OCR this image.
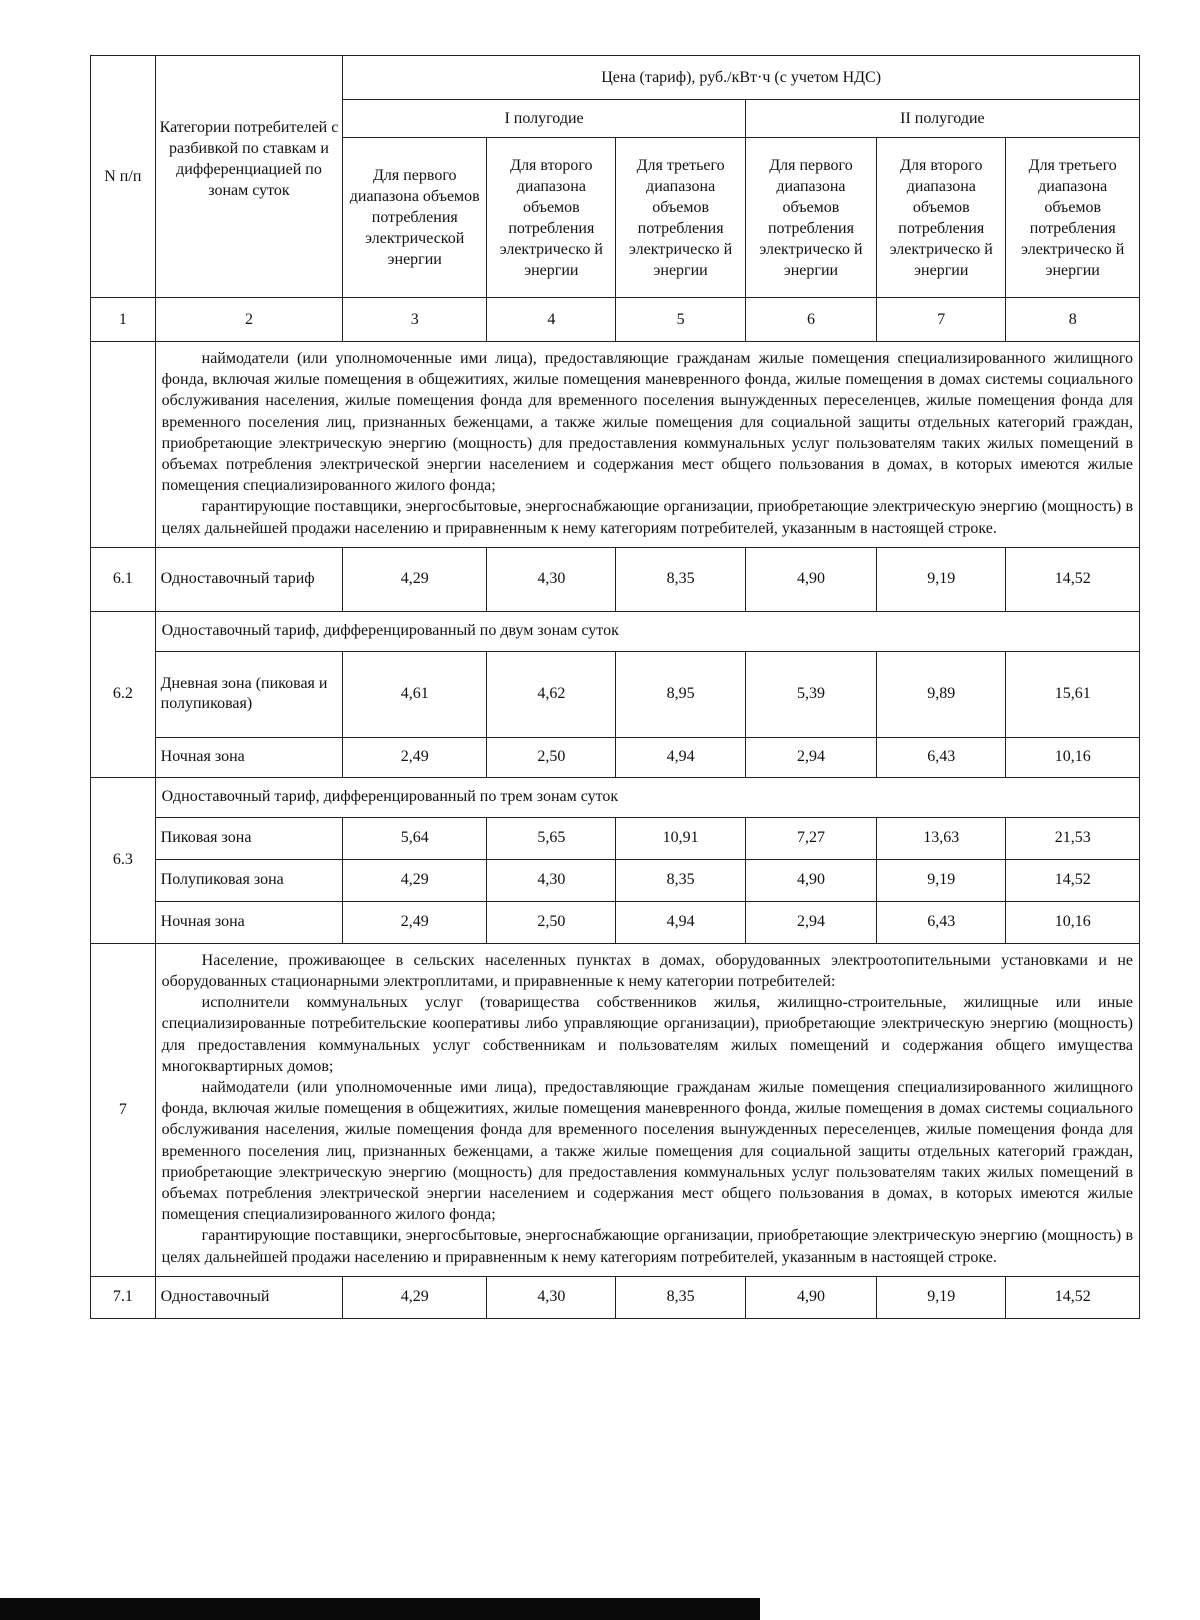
N п/п	Категории потребителей с разбивкой по ставкам и дифференциацией по зонам суток	Цена (тариф), руб./кВт·ч (с учетом НДС)					
		I полугодие			II полугодие		
		Для первого диапазона объемов потребления электрической энергии	Для второго диапазона объемов потребления электрическо й энергии	Для третьего диапазона объемов потребления электрическо й энергии	Для первого диапазона объемов потребления электрическо й энергии	Для второго диапазона объемов потребления электрическо й энергии	Для третьего диапазона объемов потребления электрическо й энергии
1	2	3	4	5	6	7	8

	наймодатели (или уполномоченные ими лица), предоставляющие гражданам жилые помещения специализированного жилищного фонда, включая жилые помещения в общежитиях, жилые помещения маневренного фонда, жилые помещения в домах системы социального обслуживания населения, жилые помещения фонда для временного поселения вынужденных переселенцев, жилые помещения фонда для временного поселения лиц, признанных беженцами, а также жилые помещения для социальной защиты отдельных категорий граждан, приобретающие электрическую энергию (мощность) для предоставления коммунальных услуг пользователям таких жилых помещений в объемах потребления электрической энергии населением и содержания мест общего пользования в домах, в которых имеются жилые помещения специализированного жилого фонда;

гарантирующие поставщики, энергосбытовые, энергоснабжающие организации, приобретающие электрическую энергию (мощность) в целях дальнейшей продажи населению и приравненным к нему категориям потребителей, указанным в настоящей строке.						

6.1	Одноставочный тариф	4,29	4,30	8,35	4,90	9,19	14,52
6.2	Одноставочный тариф, дифференцированный по двум зонам суток						
	Дневная зона (пиковая и полупиковая)	4,61	4,62	8,95	5,39	9,89	15,61
	Ночная зона	2,49	2,50	4,94	2,94	6,43	10,16
6.3	Одноставочный тариф, дифференцированный по трем зонам суток						
	Пиковая зона	5,64	5,65	10,91	7,27	13,63	21,53
	Полупиковая зона	4,29	4,30	8,35	4,90	9,19	14,52
	Ночная зона	2,49	2,50	4,94	2,94	6,43	10,16
7	Население, проживающее в сельских населенных пунктах в домах, оборудованных электроотопительными установками и не оборудованных стационарными электроплитами, и приравненные к нему категории потребителей:

исполнители коммунальных услуг (товарищества собственников жилья, жилищно-строительные, жилищные или иные специализированные потребительские кооперативы либо управляющие организации), приобретающие электрическую энергию (мощность) для предоставления коммунальных услуг собственникам и пользователям жилых помещений и содержания общего имущества многоквартирных домов;

наймодатели (или уполномоченные ими лица), предоставляющие гражданам жилые помещения специализированного жилищного фонда, включая жилые помещения в общежитиях, жилые помещения маневренного фонда, жилые помещения в домах системы социального обслуживания населения, жилые помещения фонда для временного поселения вынужденных переселенцев, жилые помещения фонда для временного поселения лиц, признанных беженцами, а также жилые помещения для социальной защиты отдельных категорий граждан, приобретающие электрическую энергию (мощность) для предоставления коммунальных услуг пользователям таких жилых помещений в объемах потребления электрической энергии населением и содержания мест общего пользования в домах, в которых имеются жилые помещения специализированного жилого фонда;

гарантирующие поставщики, энергосбытовые, энергоснабжающие организации, приобретающие электрическую энергию (мощность) в целях дальнейшей продажи населению и приравненным к нему категориям потребителей, указанным в настоящей строке.						

7.1	Одноставочный	4,29	4,30	8,35	4,90	9,19	14,52
